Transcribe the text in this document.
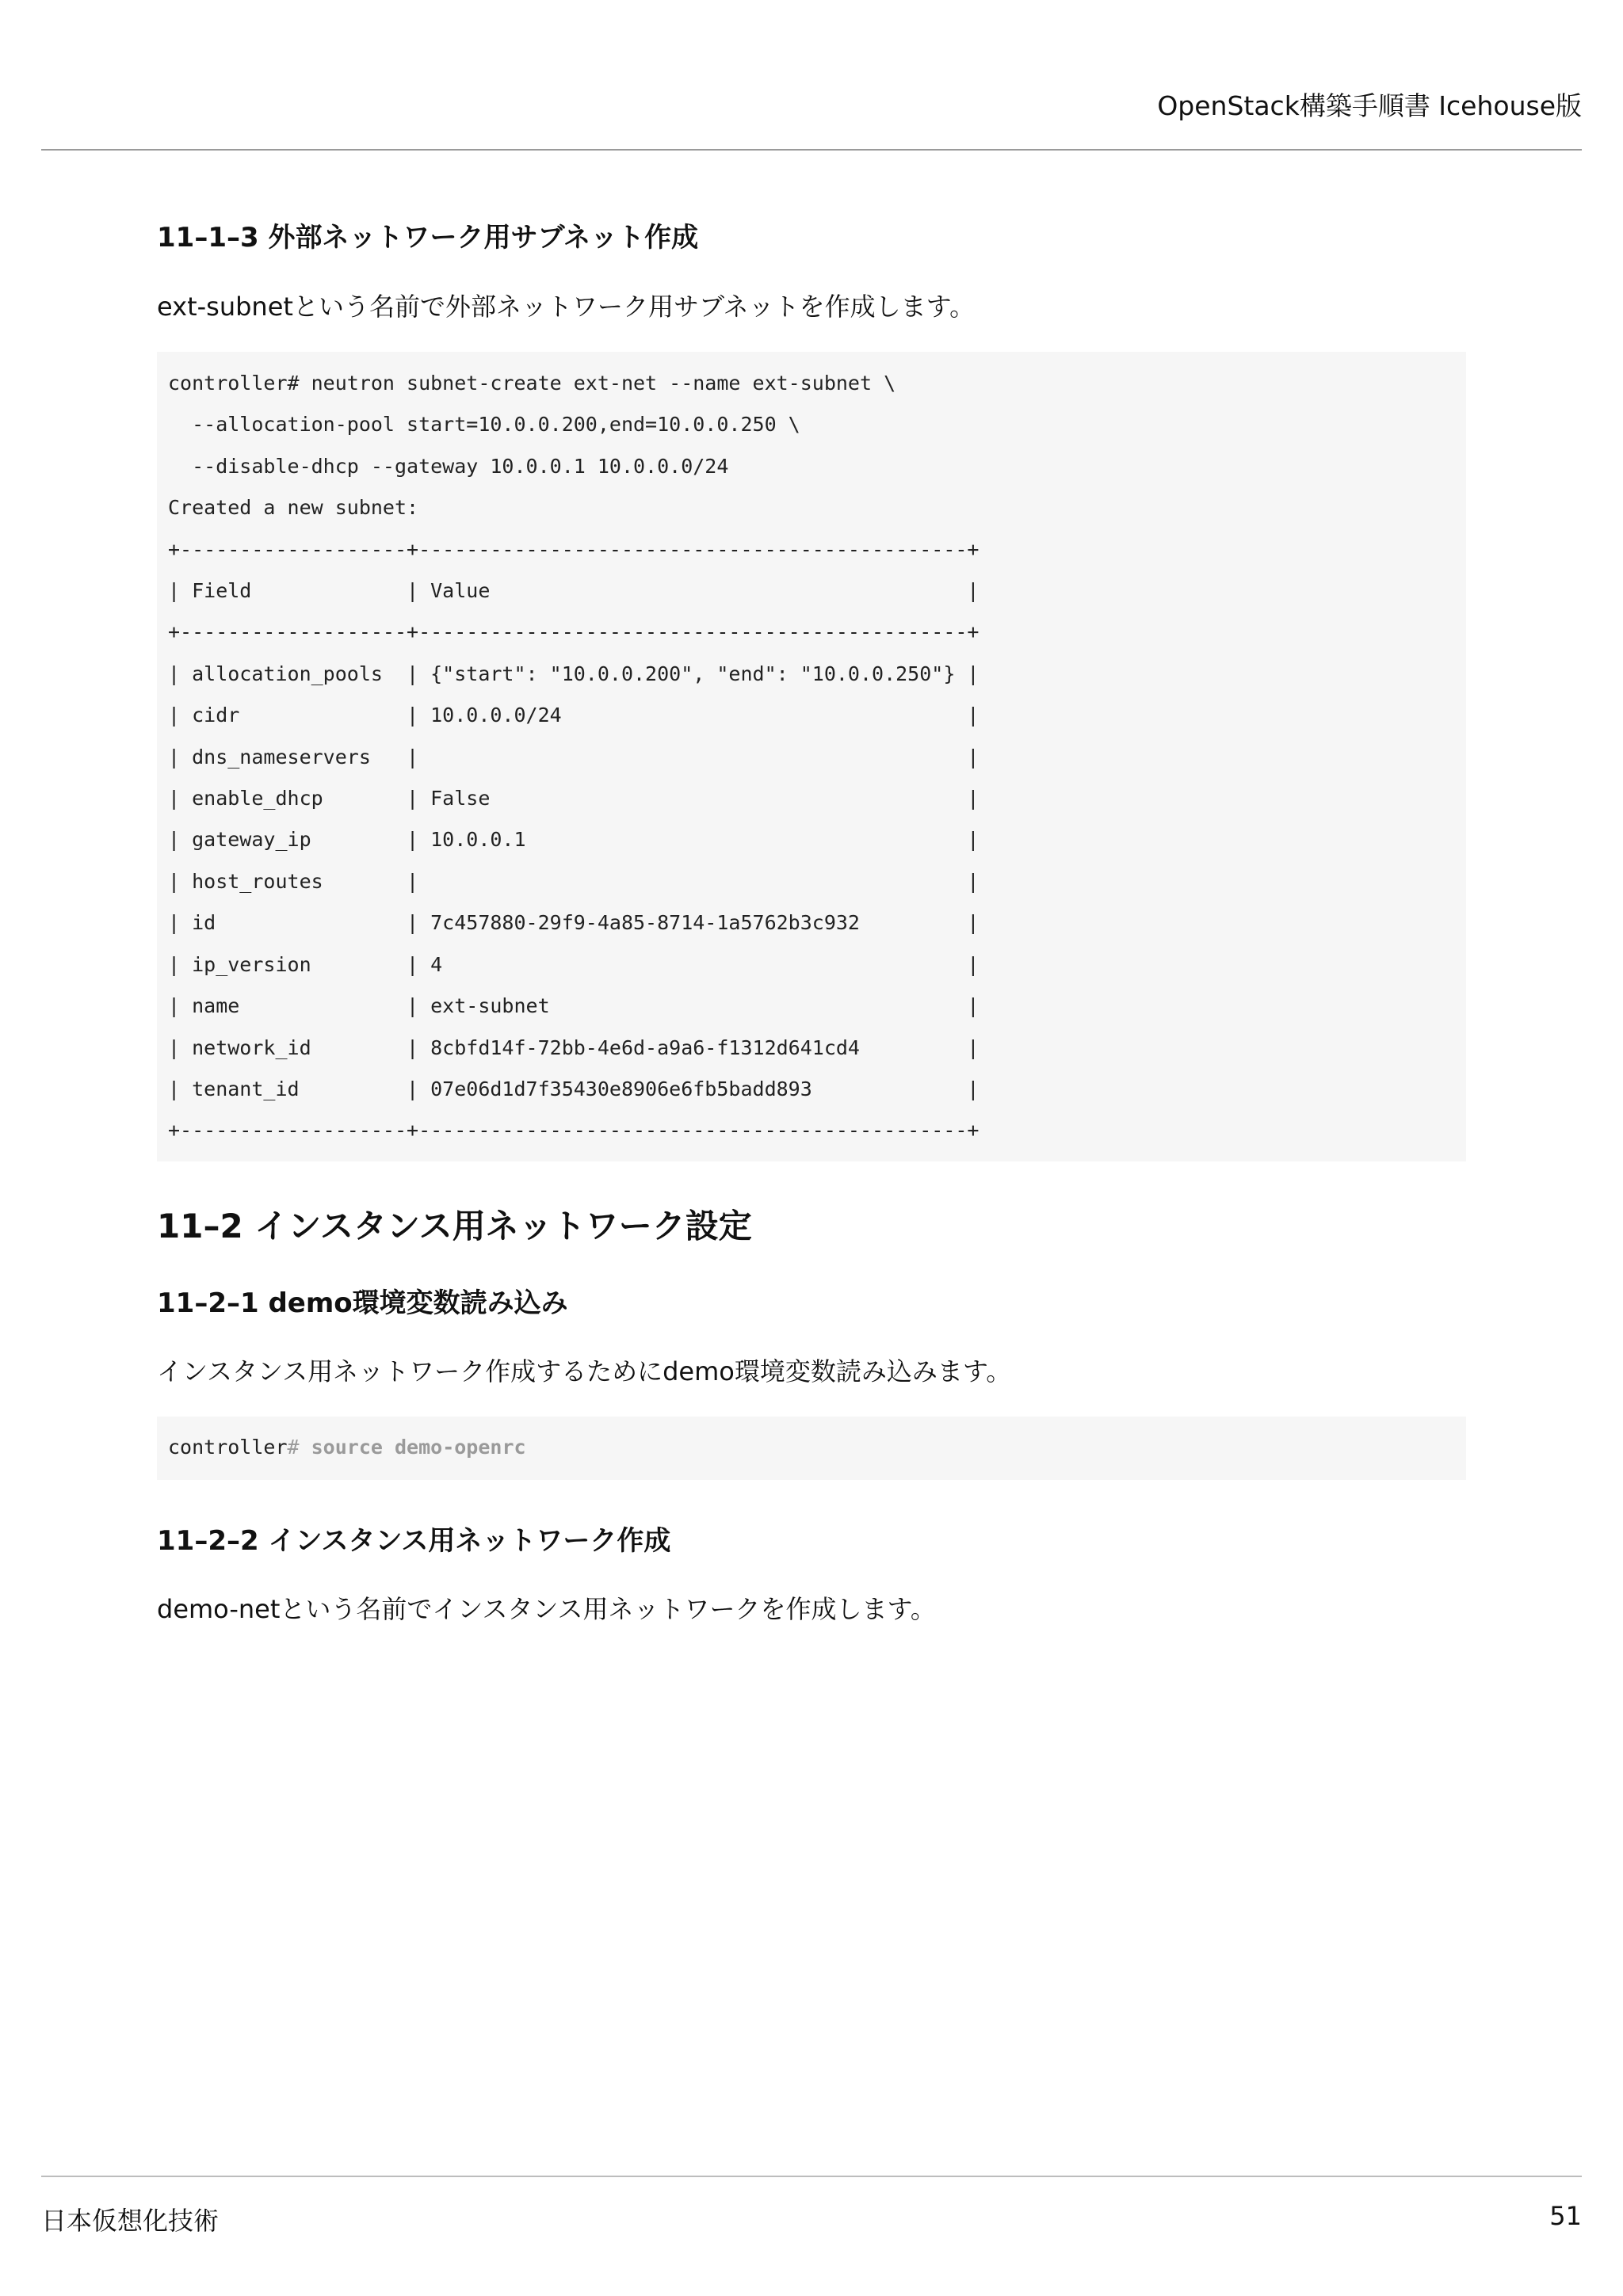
OpenStack構築手順書 Icehouse版
11–1–3 外部ネットワーク用サブネット作成
ext-subnetという名前で外部ネットワーク用サブネットを作成します。
controller# neutron subnet-create ext-net --name ext-subnet \
--allocation-pool start=10.0.0.200,end=10.0.0.250 \
--disable-dhcp --gateway 10.0.0.1 10.0.0.0/24
Created a new subnet:
+-------------------+----------------------------------------------+
| Field             | Value                                        |
+-------------------+----------------------------------------------+
| allocation_pools  | {"start": "10.0.0.200", "end": "10.0.0.250"} |
| cidr              | 10.0.0.0/24                                  |
| dns_nameservers   |                                              |
| enable_dhcp       | False                                        |
| gateway_ip        | 10.0.0.1                                     |
| host_routes       |                                              |
| id                | 7c457880-29f9-4a85-8714-1a5762b3c932         |
| ip_version        | 4                                            |
| name              | ext-subnet                                   |
| network_id        | 8cbfd14f-72bb-4e6d-a9a6-f1312d641cd4         |
| tenant_id         | 07e06d1d7f35430e8906e6fb5badd893             |
+-------------------+----------------------------------------------+
11–2 インスタンス用ネットワーク設定
11–2–1 demo環境変数読み込み
インスタンス用ネットワーク作成するためにdemo環境変数読み込みます。
controller# source demo-openrc
11–2–2 インスタンス用ネットワーク作成
demo-netという名前でインスタンス用ネットワークを作成します。
日本仮想化技術	51
